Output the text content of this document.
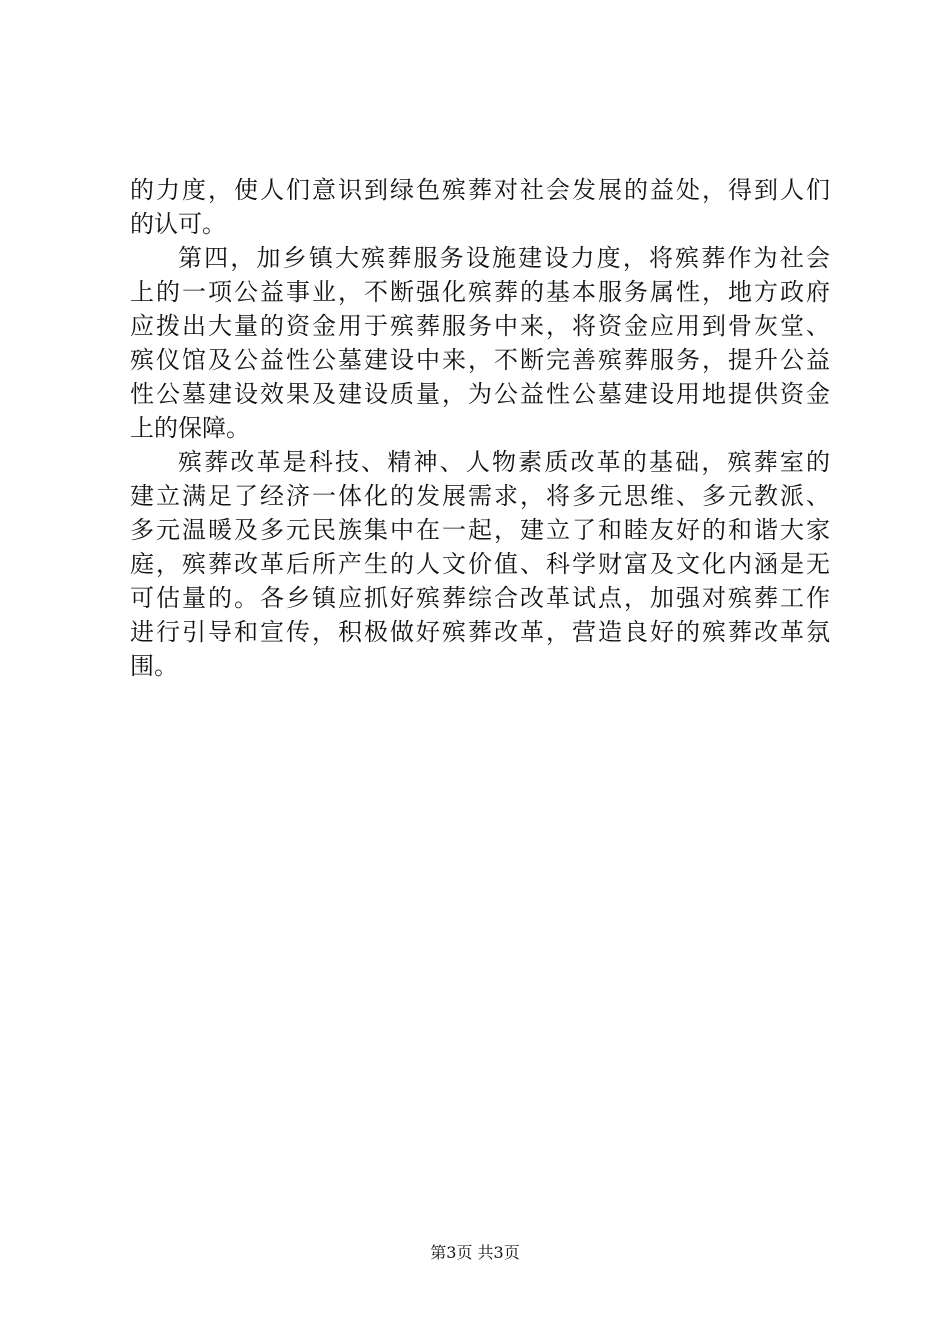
的力度，使人们意识到绿色殡葬对社会发展的益处，得到人们
的认可。
第四，加乡镇大殡葬服务设施建设力度，将殡葬作为社会
上的一项公益事业，不断强化殡葬的基本服务属性，地方政府
应拨出大量的资金用于殡葬服务中来，将资金应用到骨灰堂、
殡仪馆及公益性公墓建设中来，不断完善殡葬服务，提升公益
性公墓建设效果及建设质量，为公益性公墓建设用地提供资金
上的保障。
殡葬改革是科技、精神、人物素质改革的基础，殡葬室的
建立满足了经济一体化的发展需求，将多元思维、多元教派、
多元温暖及多元民族集中在一起，建立了和睦友好的和谐大家
庭，殡葬改革后所产生的人文价值、科学财富及文化内涵是无
可估量的。各乡镇应抓好殡葬综合改革试点，加强对殡葬工作
进行引导和宣传，积极做好殡葬改革，营造良好的殡葬改革氛
围。
第3页 共3页
